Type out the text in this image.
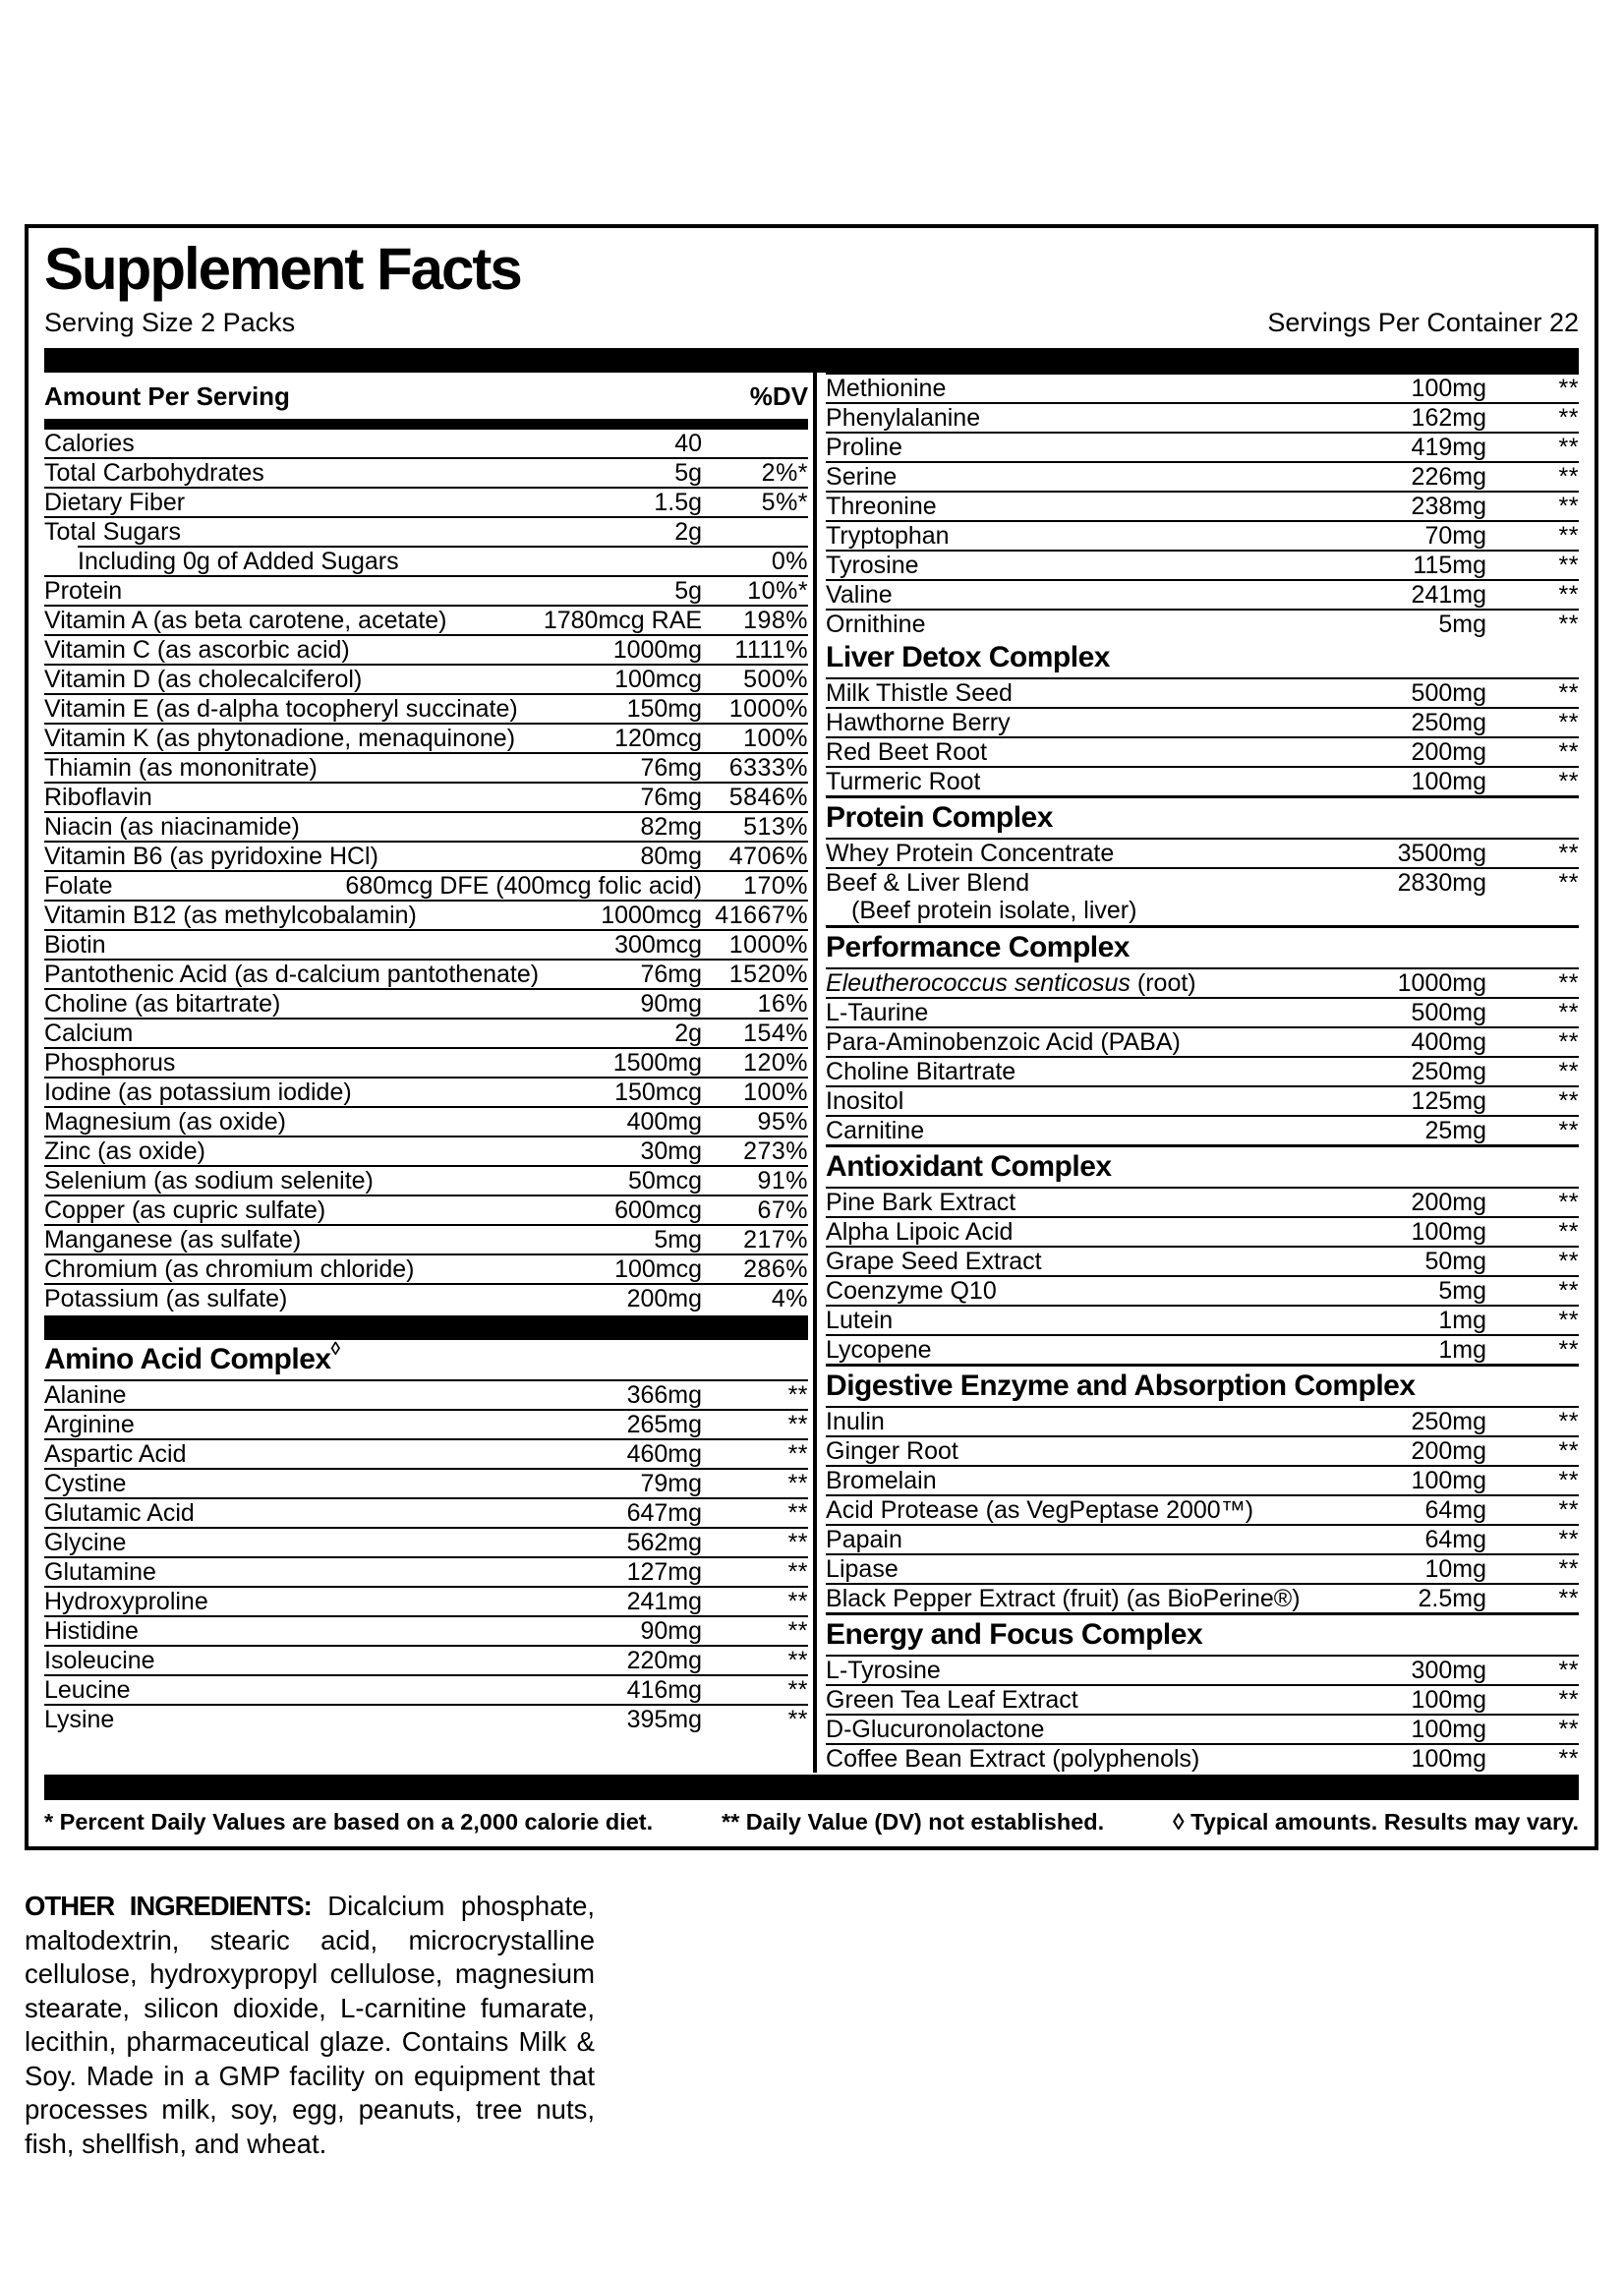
Supplement Facts
Serving Size 2 Packs	Servings Per Container 22
Amount Per Serving	%DV
Calories	40
Total Carbohydrates	5g	2%*
Dietary Fiber	1.5g	5%*
Total Sugars	2g
Including 0g of Added Sugars	0%
Protein	5g	10%*
Vitamin A (as beta carotene, acetate)	1780mcg RAE	198%
Vitamin C (as ascorbic acid)	1000mg	1111%
Vitamin D (as cholecalciferol)	100mcg	500%
Vitamin E (as d-alpha tocopheryl succinate)	150mg	1000%
Vitamin K (as phytonadione, menaquinone)	120mcg	100%
Thiamin (as mononitrate)	76mg	6333%
Riboflavin	76mg	5846%
Niacin (as niacinamide)	82mg	513%
Vitamin B6 (as pyridoxine HCl)	80mg	4706%
Folate	680mcg DFE (400mcg folic acid)	170%
Vitamin B12 (as methylcobalamin)	1000mcg 41667%
Biotin	300mcg	1000%
Pantothenic Acid (as d-calcium pantothenate)	76mg	1520%
Choline (as bitartrate)	90mg	16%
Calcium	2g	154%
Phosphorus	1500mg	120%
Iodine (as potassium iodide)	150mcg	100%
Magnesium (as oxide)	400mg	95%
Zinc (as oxide)	30mg	273%
Selenium (as sodium selenite)	50mcg	91%
Copper (as cupric sulfate)	600mcg	67%
Manganese (as sulfate)	5mg	217%
Chromium (as chromium chloride)	100mcg	286%
Potassium (as sulfate)	200mg	4%
Amino Acid Complex◊
Alanine	366mg	**
Arginine	265mg	**
Aspartic Acid	460mg	**
Cystine	79mg	**
Glutamic Acid	647mg	**
Glycine	562mg	**
Glutamine	127mg	**
Hydroxyproline	241mg	**
Histidine	90mg	**
Isoleucine	220mg	**
Leucine	416mg	**
Lysine	395mg	**
Methionine	100mg	**
Phenylalanine	162mg	**
Proline	419mg	**
Serine	226mg	**
Threonine	238mg	**
Tryptophan	70mg	**
Tyrosine	115mg	**
Valine	241mg	**
Ornithine	5mg	**
Liver Detox Complex
Milk Thistle Seed	500mg	**
Hawthorne Berry	250mg	**
Red Beet Root	200mg	**
Turmeric Root	100mg	**
Protein Complex
Whey Protein Concentrate	3500mg	**
Beef & Liver Blend	2830mg	**
(Beef protein isolate, liver)
Performance Complex
Eleutherococcus senticosus (root)	1000mg	**
L-Taurine	500mg	**
Para-Aminobenzoic Acid (PABA)	400mg	**
Choline Bitartrate	250mg	**
Inositol	125mg	**
Carnitine	25mg	**
Antioxidant Complex
Pine Bark Extract	200mg	**
Alpha Lipoic Acid	100mg	**
Grape Seed Extract	50mg	**
Coenzyme Q10	5mg	**
Lutein	1mg	**
Lycopene	1mg	**
Digestive Enzyme and Absorption Complex
Inulin	250mg	**
Ginger Root	200mg	**
Bromelain	100mg	**
Acid Protease (as VegPeptase 2000™)	64mg	**
Papain	64mg	**
Lipase	10mg	**
Black Pepper Extract (fruit) (as BioPerine®)	2.5mg	**
Energy and Focus Complex
L-Tyrosine	300mg	**
Green Tea Leaf Extract	100mg	**
D-Glucuronolactone	100mg	**
Coffee Bean Extract (polyphenols)	100mg	**
* Percent Daily Values are based on a 2,000 calorie diet.	** Daily Value (DV) not established.	◊ Typical amounts. Results may vary.
OTHER INGREDIENTS: Dicalcium phosphate, maltodextrin, stearic acid, microcrystalline cellulose, hydroxypropyl cellulose, magnesium stearate, silicon dioxide, L-carnitine fumarate, lecithin, pharmaceutical glaze. Contains Milk & Soy. Made in a GMP facility on equipment that processes milk, soy, egg, peanuts, tree nuts, fish, shellfish, and wheat.
